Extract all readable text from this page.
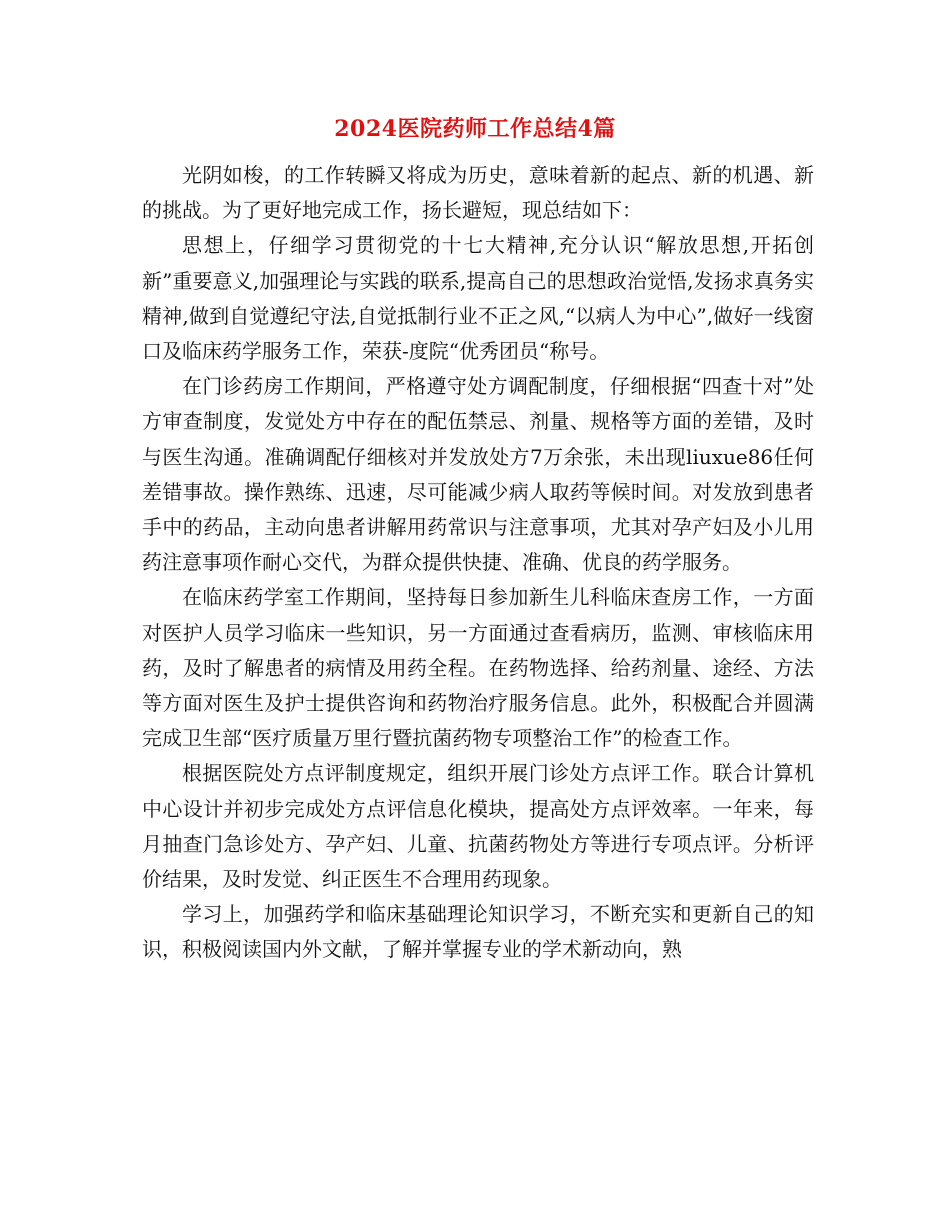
2024医院药师工作总结4篇

光阴如梭，的工作转瞬又将成为历史，意味着新的起点、新的机遇、新的挑战。为了更好地完成工作，扬长避短，现总结如下：

思想上，仔细学习贯彻党的十七大精神,充分认识“解放思想,开拓创新”重要意义,加强理论与实践的联系,提高自己的思想政治觉悟,发扬求真务实精神,做到自觉遵纪守法,自觉抵制行业不正之风,“以病人为中心”,做好一线窗口及临床药学服务工作，荣获-度院“优秀团员“称号。

在门诊药房工作期间，严格遵守处方调配制度，仔细根据“四查十对”处方审查制度，发觉处方中存在的配伍禁忌、剂量、规格等方面的差错，及时与医生沟通。准确调配仔细核对并发放处方7万余张，未出现liuxue86任何差错事故。操作熟练、迅速，尽可能减少病人取药等候时间。对发放到患者手中的药品，主动向患者讲解用药常识与注意事项，尤其对孕产妇及小儿用药注意事项作耐心交代，为群众提供快捷、准确、优良的药学服务。

在临床药学室工作期间，坚持每日参加新生儿科临床查房工作，一方面对医护人员学习临床一些知识，另一方面通过查看病历，监测、审核临床用药，及时了解患者的病情及用药全程。在药物选择、给药剂量、途经、方法等方面对医生及护士提供咨询和药物治疗服务信息。此外，积极配合并圆满完成卫生部“医疗质量万里行暨抗菌药物专项整治工作”的检查工作。

根据医院处方点评制度规定，组织开展门诊处方点评工作。联合计算机中心设计并初步完成处方点评信息化模块，提高处方点评效率。一年来，每月抽查门急诊处方、孕产妇、儿童、抗菌药物处方等进行专项点评。分析评价结果，及时发觉、纠正医生不合理用药现象。

学习上，加强药学和临床基础理论知识学习，不断充实和更新自己的知识，积极阅读国内外文献，了解并掌握专业的学术新动向，熟
